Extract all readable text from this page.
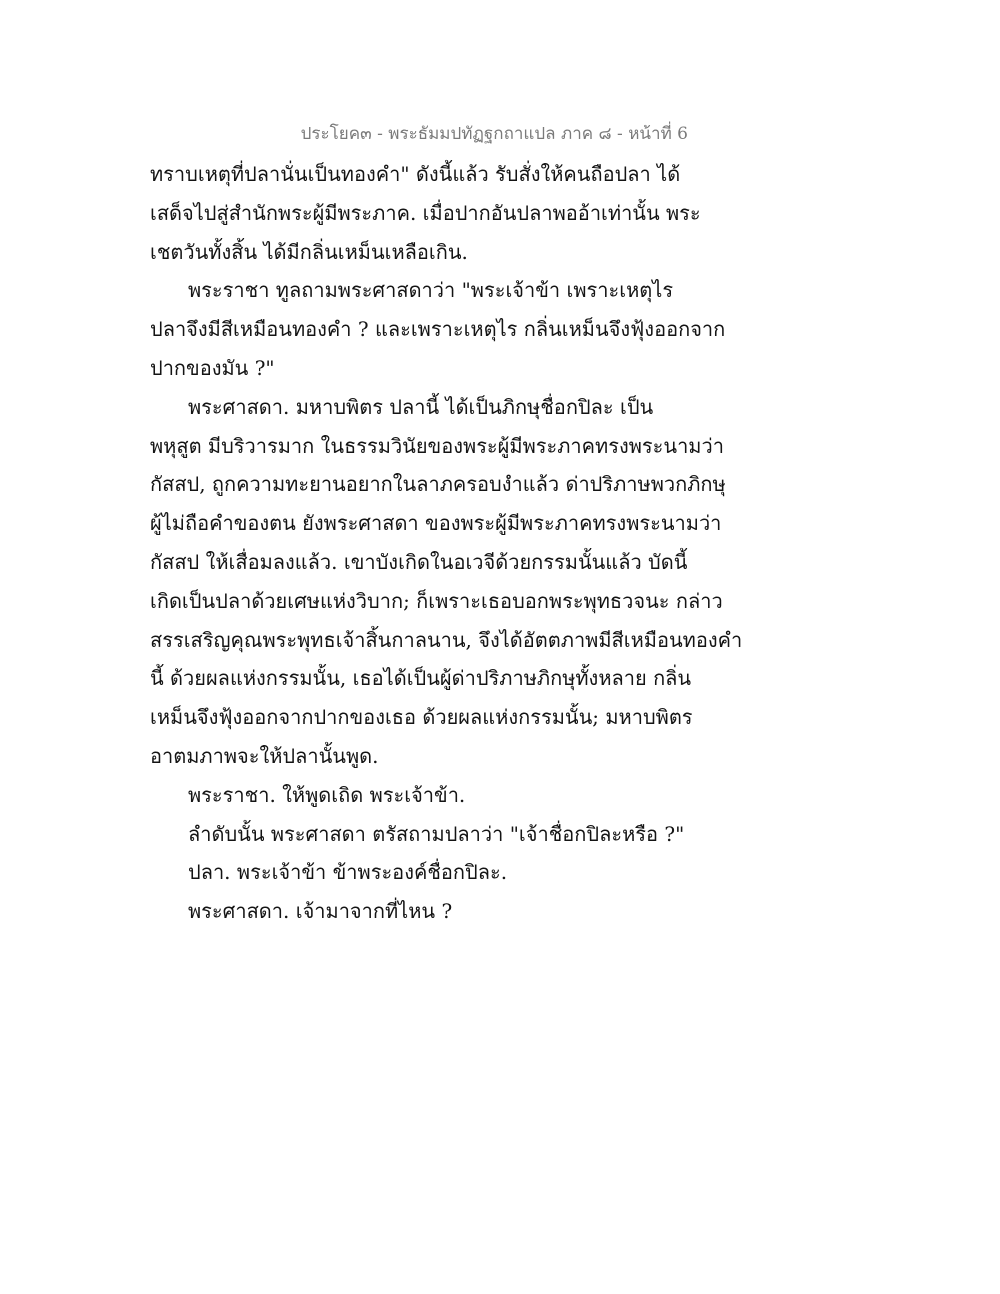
ประโยค๓ - พระธัมมปทัฏฐกถาแปล ภาค ๘ - หน้าที่ 6
ทราบเหตุที่ปลานั่นเป็นทองคำ" ดังนี้แล้ว รับสั่งให้คนถือปลา ได้
เสด็จไปสู่สำนักพระผู้มีพระภาค. เมื่อปากอันปลาพออ้าเท่านั้น พระ
เชตวันทั้งสิ้น ได้มีกลิ่นเหม็นเหลือเกิน.
พระราชา ทูลถามพระศาสดาว่า "พระเจ้าข้า เพราะเหตุไร
ปลาจึงมีสีเหมือนทองคำ ? และเพราะเหตุไร กลิ่นเหม็นจึงฟุ้งออกจาก
ปากของมัน ?"
พระศาสดา. มหาบพิตร ปลานี้ ได้เป็นภิกษุชื่อกปิละ เป็น
พหุสูต มีบริวารมาก ในธรรมวินัยของพระผู้มีพระภาคทรงพระนามว่า
กัสสป, ถูกความทะยานอยากในลาภครอบงำแล้ว ด่าปริภาษพวกภิกษุ
ผู้ไม่ถือคำของตน ยังพระศาสดา ของพระผู้มีพระภาคทรงพระนามว่า
กัสสป ให้เสื่อมลงแล้ว. เขาบังเกิดในอเวจีด้วยกรรมนั้นแล้ว บัดนี้
เกิดเป็นปลาด้วยเศษแห่งวิบาก; ก็เพราะเธอบอกพระพุทธวจนะ กล่าว
สรรเสริญคุณพระพุทธเจ้าสิ้นกาลนาน, จึงได้อัตตภาพมีสีเหมือนทองคำ
นี้ ด้วยผลแห่งกรรมนั้น, เธอได้เป็นผู้ด่าปริภาษภิกษุทั้งหลาย กลิ่น
เหม็นจึงฟุ้งออกจากปากของเธอ ด้วยผลแห่งกรรมนั้น; มหาบพิตร
อาตมภาพจะให้ปลานั้นพูด.
พระราชา. ให้พูดเถิด พระเจ้าข้า.
ลำดับนั้น พระศาสดา ตรัสถามปลาว่า "เจ้าชื่อกปิละหรือ ?"
ปลา. พระเจ้าข้า ข้าพระองค์ชื่อกปิละ.
พระศาสดา. เจ้ามาจากที่ไหน ?
